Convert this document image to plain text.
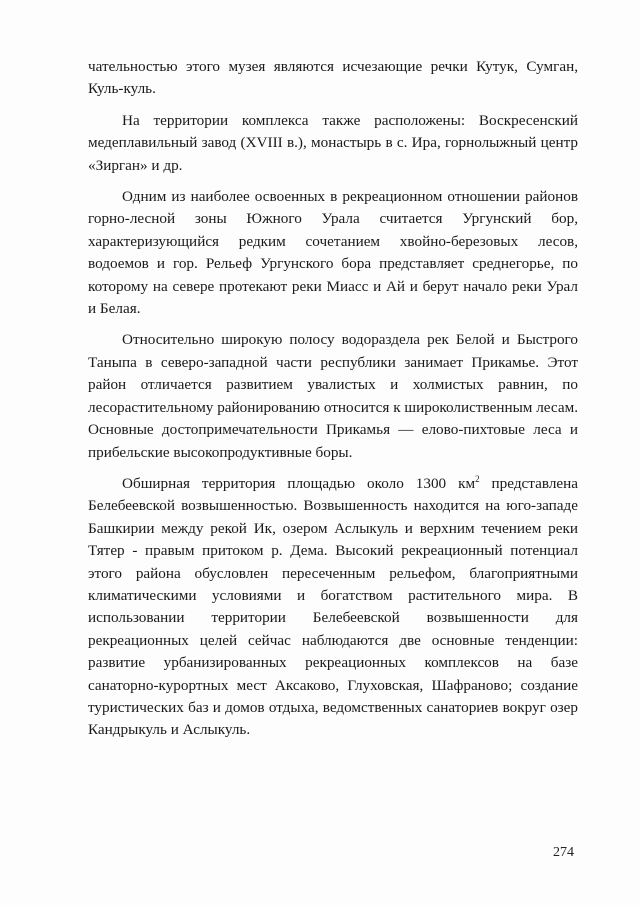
чательностью этого музея являются исчезающие речки Кутук, Сумган, Куль-куль.

На территории комплекса также расположены: Воскресенский медеплавильный завод (XVIII в.), монастырь в с. Ира, горнолыжный центр «Зирган» и др.

Одним из наиболее освоенных в рекреационном отношении районов горно-лесной зоны Южного Урала считается Ургунский бор, характеризующийся редким сочетанием хвойно-березовых лесов, водоемов и гор. Рельеф Ургунского бора представляет среднегорье, по которому на севере протекают реки Миасс и Ай и берут начало реки Урал и Белая.

Относительно широкую полосу водораздела рек Белой и Быстрого Таныпа в северо-западной части республики занимает Прикамье. Этот район отличается развитием увалистых и холмистых равнин, по лесорастительному районированию относится к широколиственным лесам. Основные достопримечательности Прикамья — елово-пихтовые леса и прибельские высокопродуктивные боры.

Обширная территория площадью около 1300 $км^2$ представлена Белебеевской возвышенностью. Возвышенность находится на юго-западе Башкирии между рекой Ик, озером Аслыкуль и верхним течением реки Тятер - правым притоком р. Дема. Высокий рекреационный потенциал этого района обусловлен пересеченным рельефом, благоприятными климатическими условиями и богатством растительного мира. В использовании территории Белебеевской возвышенности для рекреационных целей сейчас наблюдаются две основные тенденции: развитие урбанизированных рекреационных комплексов на базе санаторно-курортных мест Аксаково, Глуховская, Шафраново; создание туристических баз и домов отдыха, ведомственных санаториев вокруг озер Кандрыкуль и Аслыкуль.

274
